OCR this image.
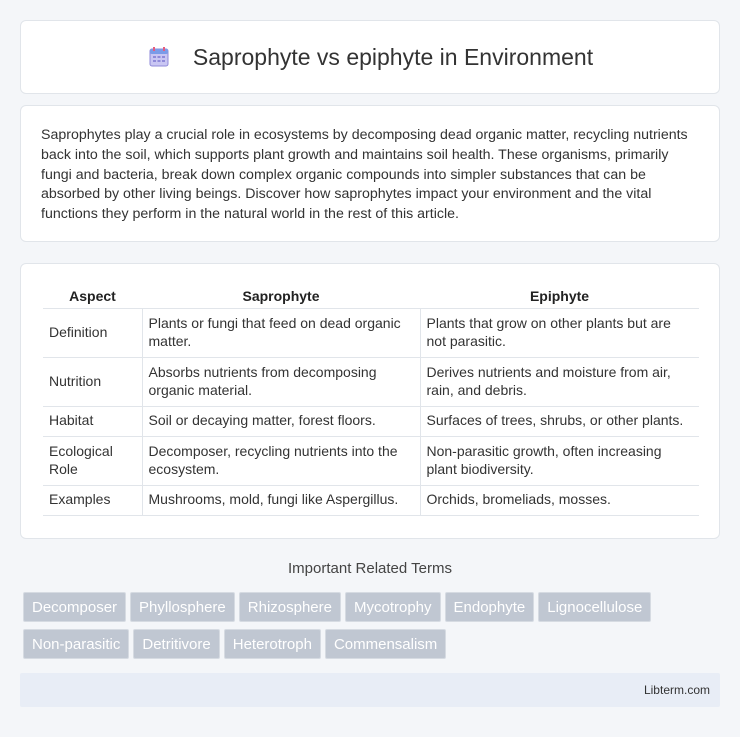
Saprophyte vs epiphyte in Environment

Saprophytes play a crucial role in ecosystems by decomposing dead organic matter, recycling nutrients back into the soil, which supports plant growth and maintains soil health. These organisms, primarily fungi and bacteria, break down complex organic compounds into simpler substances that can be absorbed by other living beings. Discover how saprophytes impact your environment and the vital functions they perform in the natural world in the rest of this article.

Aspect	Saprophyte	Epiphyte
Definition	Plants or fungi that feed on dead organic matter.	Plants that grow on other plants but are not parasitic.
Nutrition	Absorbs nutrients from decomposing organic material.	Derives nutrients and moisture from air, rain, and debris.
Habitat	Soil or decaying matter, forest floors.	Surfaces of trees, shrubs, or other plants.
Ecological Role	Decomposer, recycling nutrients into the ecosystem.	Non-parasitic growth, often increasing plant biodiversity.
Examples	Mushrooms, mold, fungi like Aspergillus.	Orchids, bromeliads, mosses.
Important Related Terms
Decomposer Phyllosphere Rhizosphere Mycotrophy Endophyte Lignocellulose
Non-parasitic Detritivore Heterotroph Commensalism
Libterm.com
